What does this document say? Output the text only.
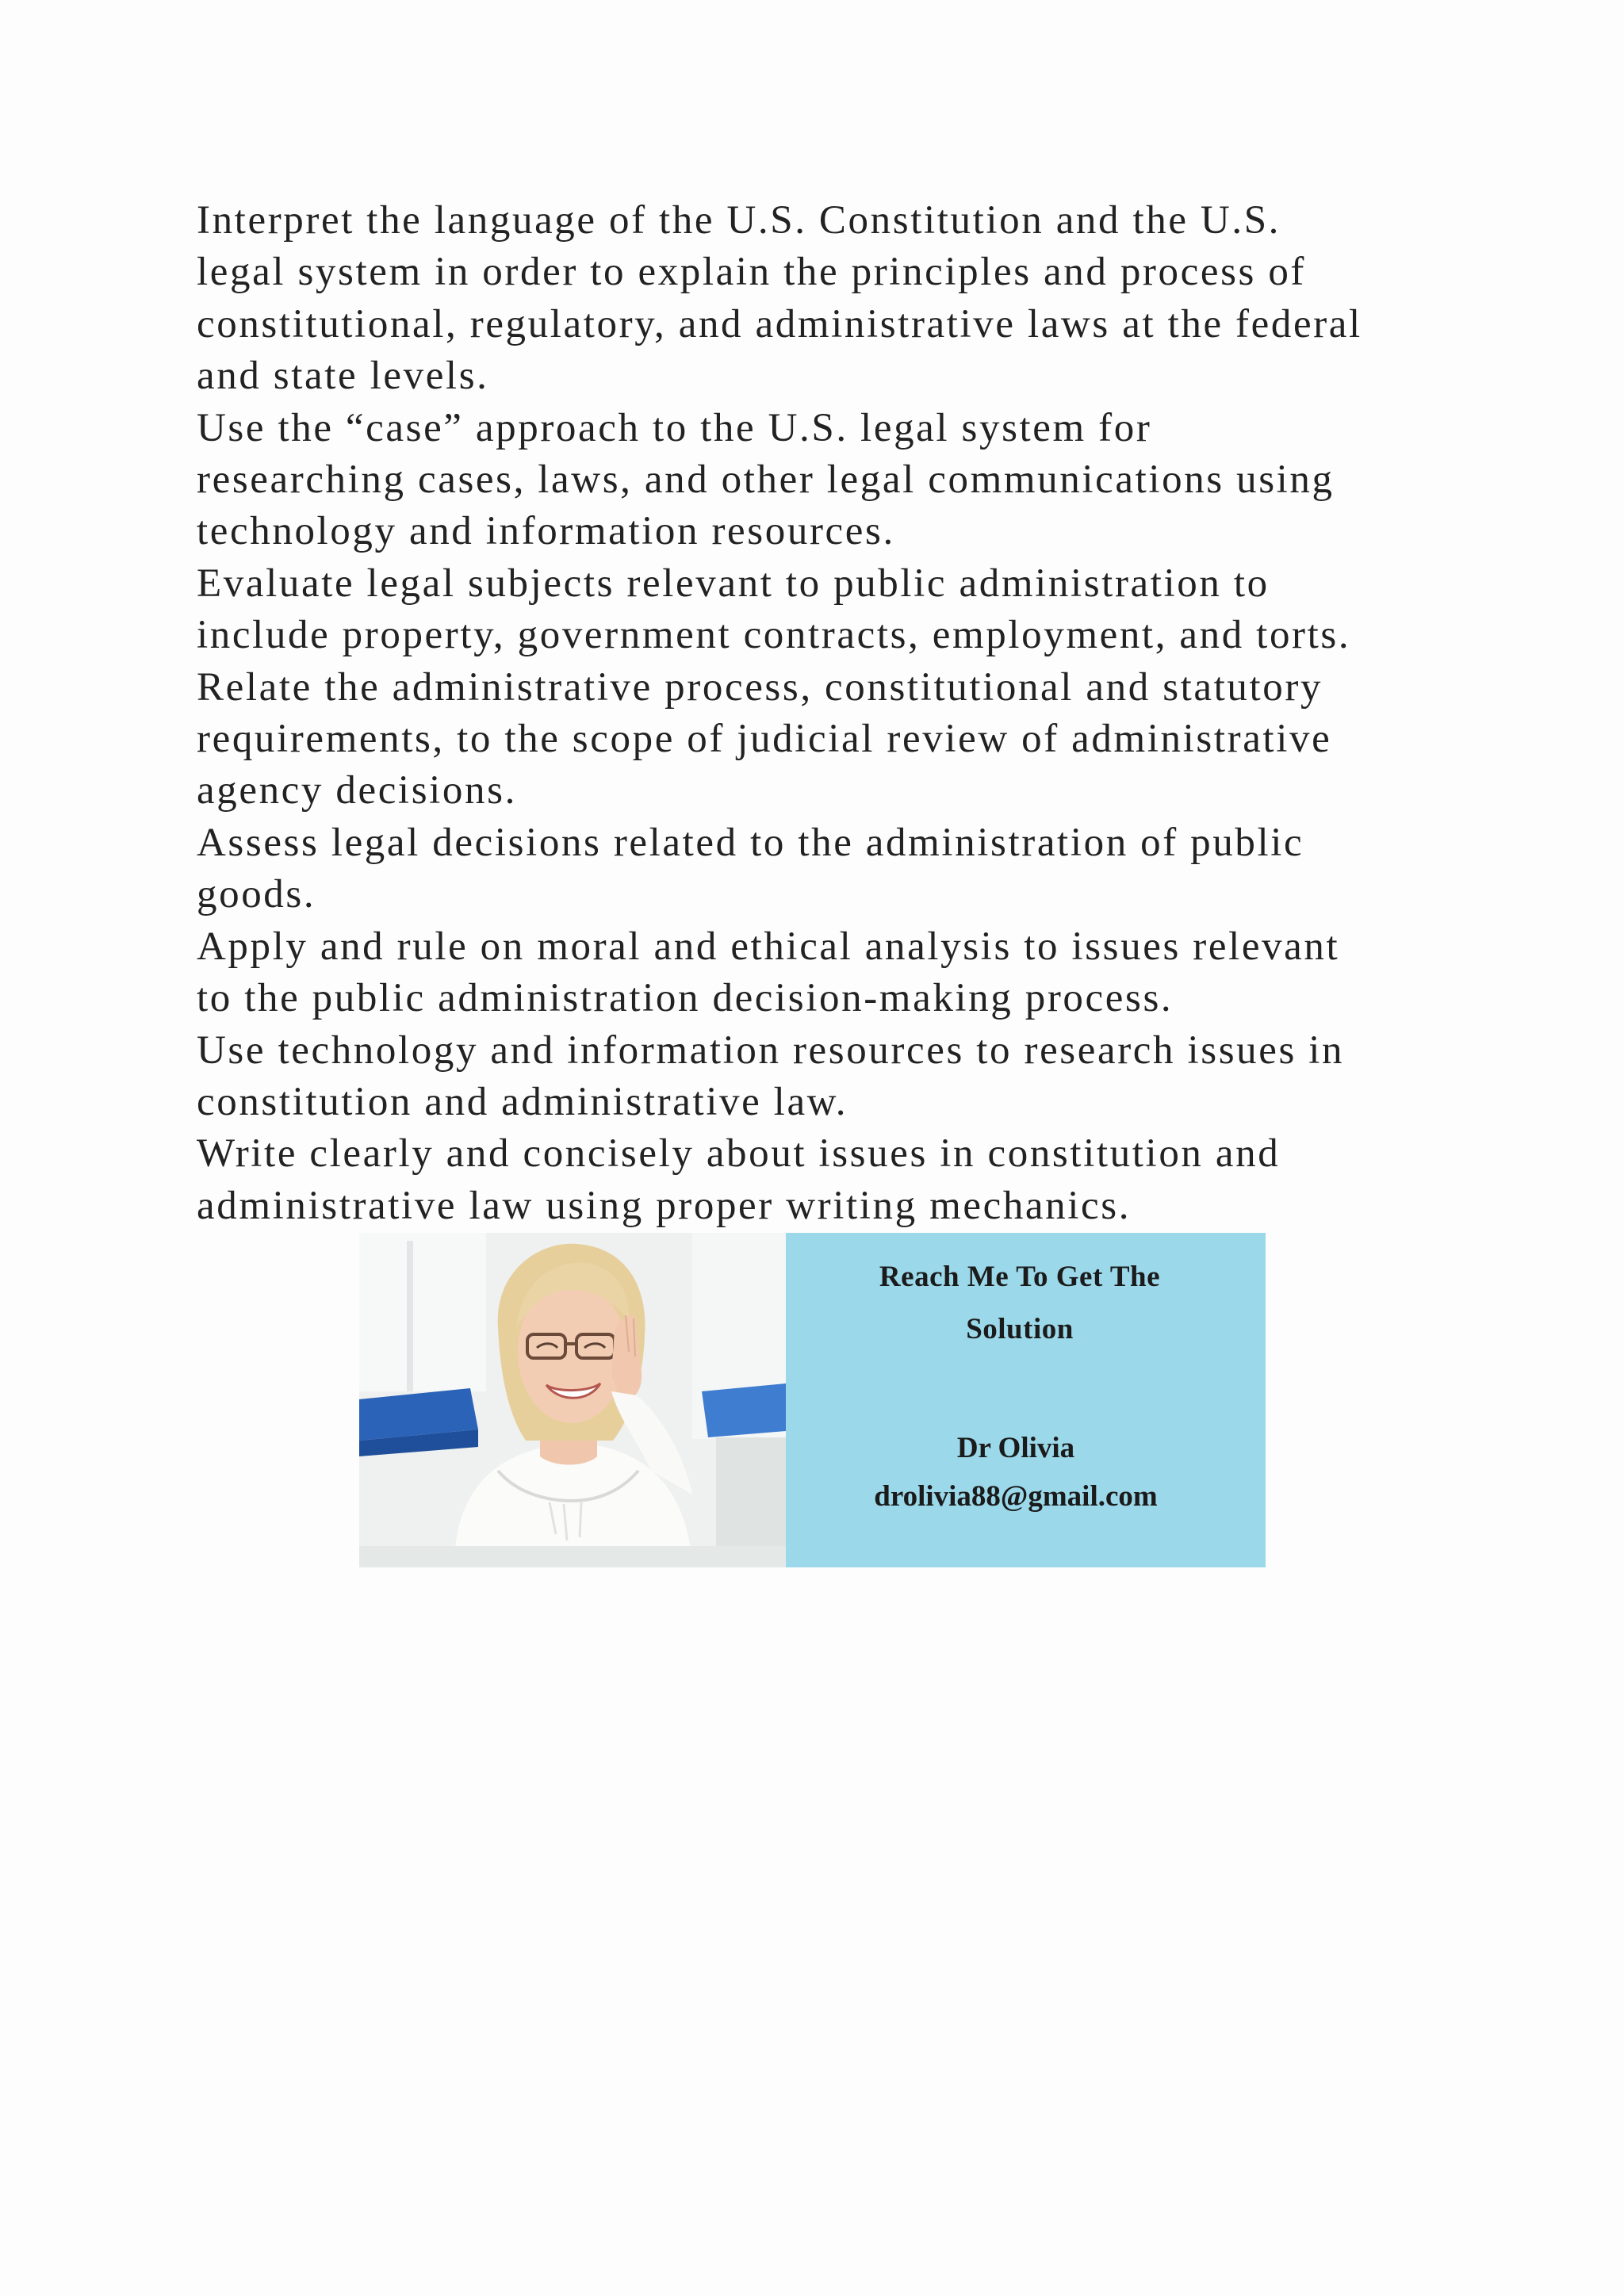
Interpret the language of the U.S. Constitution and the U.S.
legal system in order to explain the principles and process of
constitutional, regulatory, and administrative laws at the federal
and state levels.
Use the “case” approach to the U.S. legal system for
researching cases, laws, and other legal communications using
technology and information resources.
Evaluate legal subjects relevant to public administration to
include property, government contracts, employment, and torts.
Relate the administrative process, constitutional and statutory
requirements, to the scope of judicial review of administrative
agency decisions.
Assess legal decisions related to the administration of public
goods.
Apply and rule on moral and ethical analysis to issues relevant
to the public administration decision-making process.
Use technology and information resources to research issues in
constitution and administrative law.
Write clearly and concisely about issues in constitution and
administrative law using proper writing mechanics.
Reach Me To Get The
Solution
Dr Olivia
drolivia88@gmail.com
